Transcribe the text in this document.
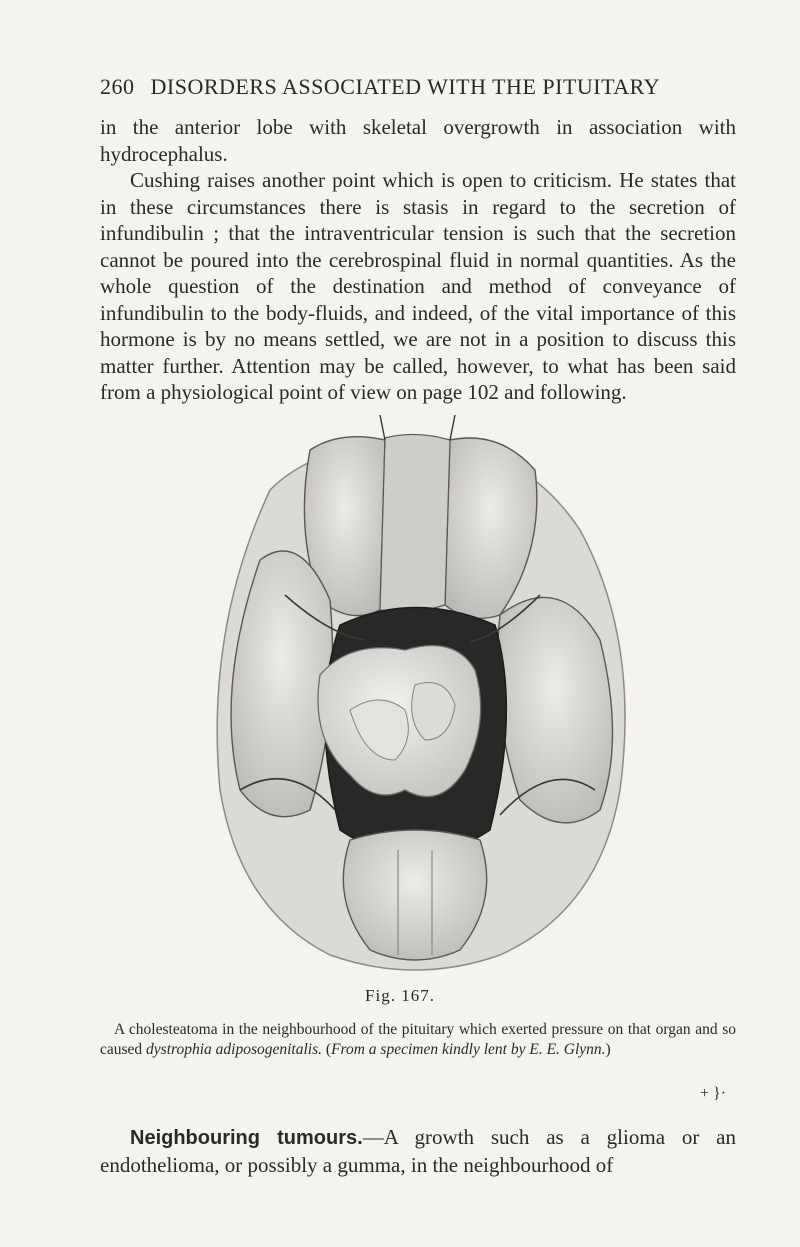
260 DISORDERS ASSOCIATED WITH THE PITUITARY

in the anterior lobe with skeletal overgrowth in association with hydrocephalus.

Cushing raises another point which is open to criticism. He states that in these circumstances there is stasis in regard to the secretion of infundibulin ; that the intraventricular tension is such that the secretion cannot be poured into the cerebrospinal fluid in normal quantities. As the whole question of the destination and method of conveyance of infundibulin to the body-fluids, and indeed, of the vital importance of this hormone is by no means settled, we are not in a position to discuss this matter further. Attention may be called, however, to what has been said from a physiological point of view on page 102 and following.

Fig. 167.
A cholesteatoma in the neighbourhood of the pituitary which exerted pressure on that organ and so caused dystrophia adiposogenitalis. (From a specimen kindly lent by E. E. Glynn.)
+ }·
Neighbouring tumours.—A growth such as a glioma or an endothelioma, or possibly a gumma, in the neighbourhood of
